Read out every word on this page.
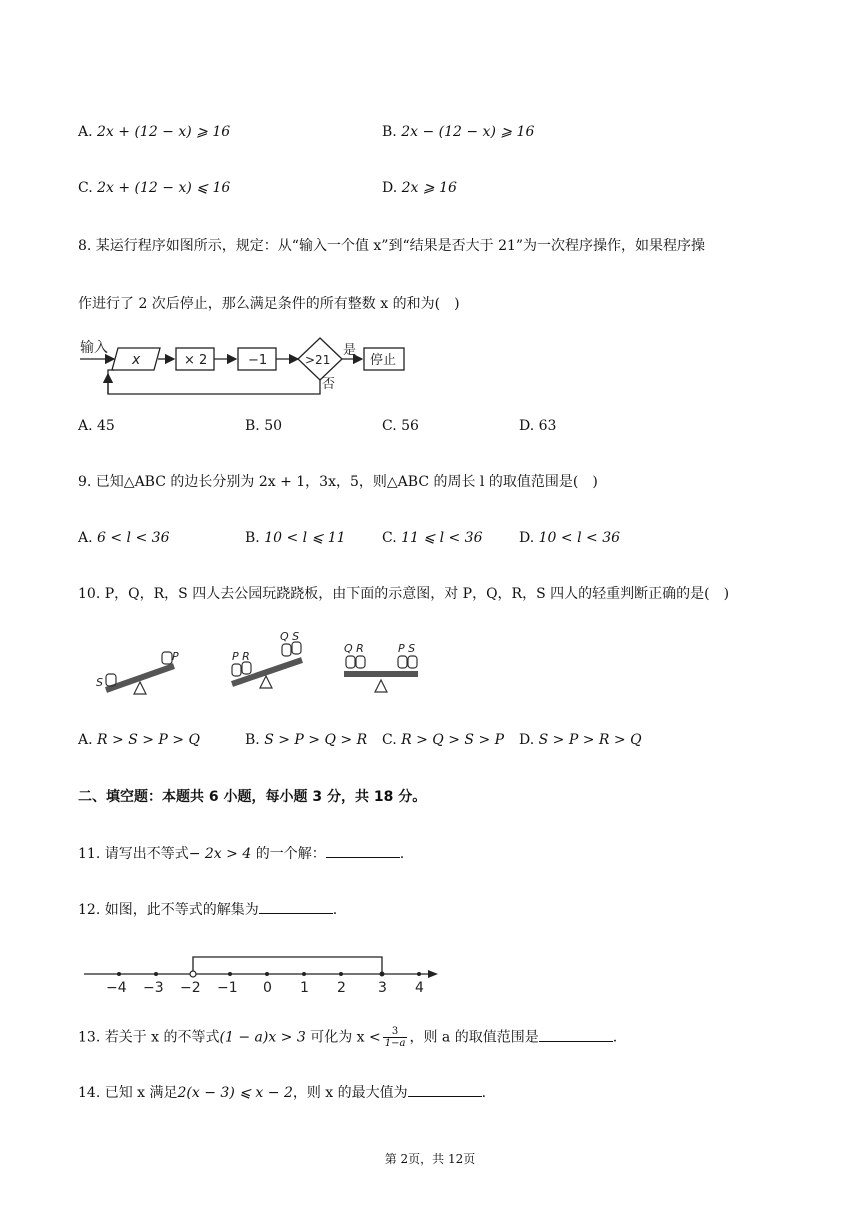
A. 2x + (12 − x) ⩾ 16	B. 2x − (12 − x) ⩾ 16
C. 2x + (12 − x) ⩽ 16	D. 2x ⩾ 16
8. 某运行程序如图所示，规定：从“输入一个值 x”到“结果是否大于 21”为一次程序操作，如果程序操
作进行了 2 次后停止，那么满足条件的所有整数 x 的和为(　)
输入
x	× 2	−1	>21
是
停止
否
A. 45	B. 50	C. 56	D. 63
9. 已知△ABC 的边长分别为 2x + 1，3x，5，则△ABC 的周长 l 的取值范围是(　)
A. 6 < l < 36	B. 10 < l ⩽ 11	C. 11 ⩽ l < 36	D. 10 < l < 36
10. P，Q，R，S 四人去公园玩跷跷板，由下面的示意图，对 P，Q，R，S 四人的轻重判断正确的是(　)
S
P	P R
Q S
Q R	P S
A. R > S > P > Q	B. S > P > Q > R C. R > Q > S > P D. S > P > R > Q
二、填空题：本题共 6 小题，每小题 3 分，共 18 分。
11. 请写出不等式− 2x > 4 的一个解：	.
12. 如图，此不等式的解集为	.
−4 −3 −2 −1 0 1 2 3 4
13. 若关于 x 的不等式(1 − a)x > 3 可化为 $x < \frac{3}{1-a}$ ，则 a 的取值范围是	.
14. 已知 x 满足2(x − 3) ⩽ x − 2，则 x 的最大值为	.
第 2页，共 12页
